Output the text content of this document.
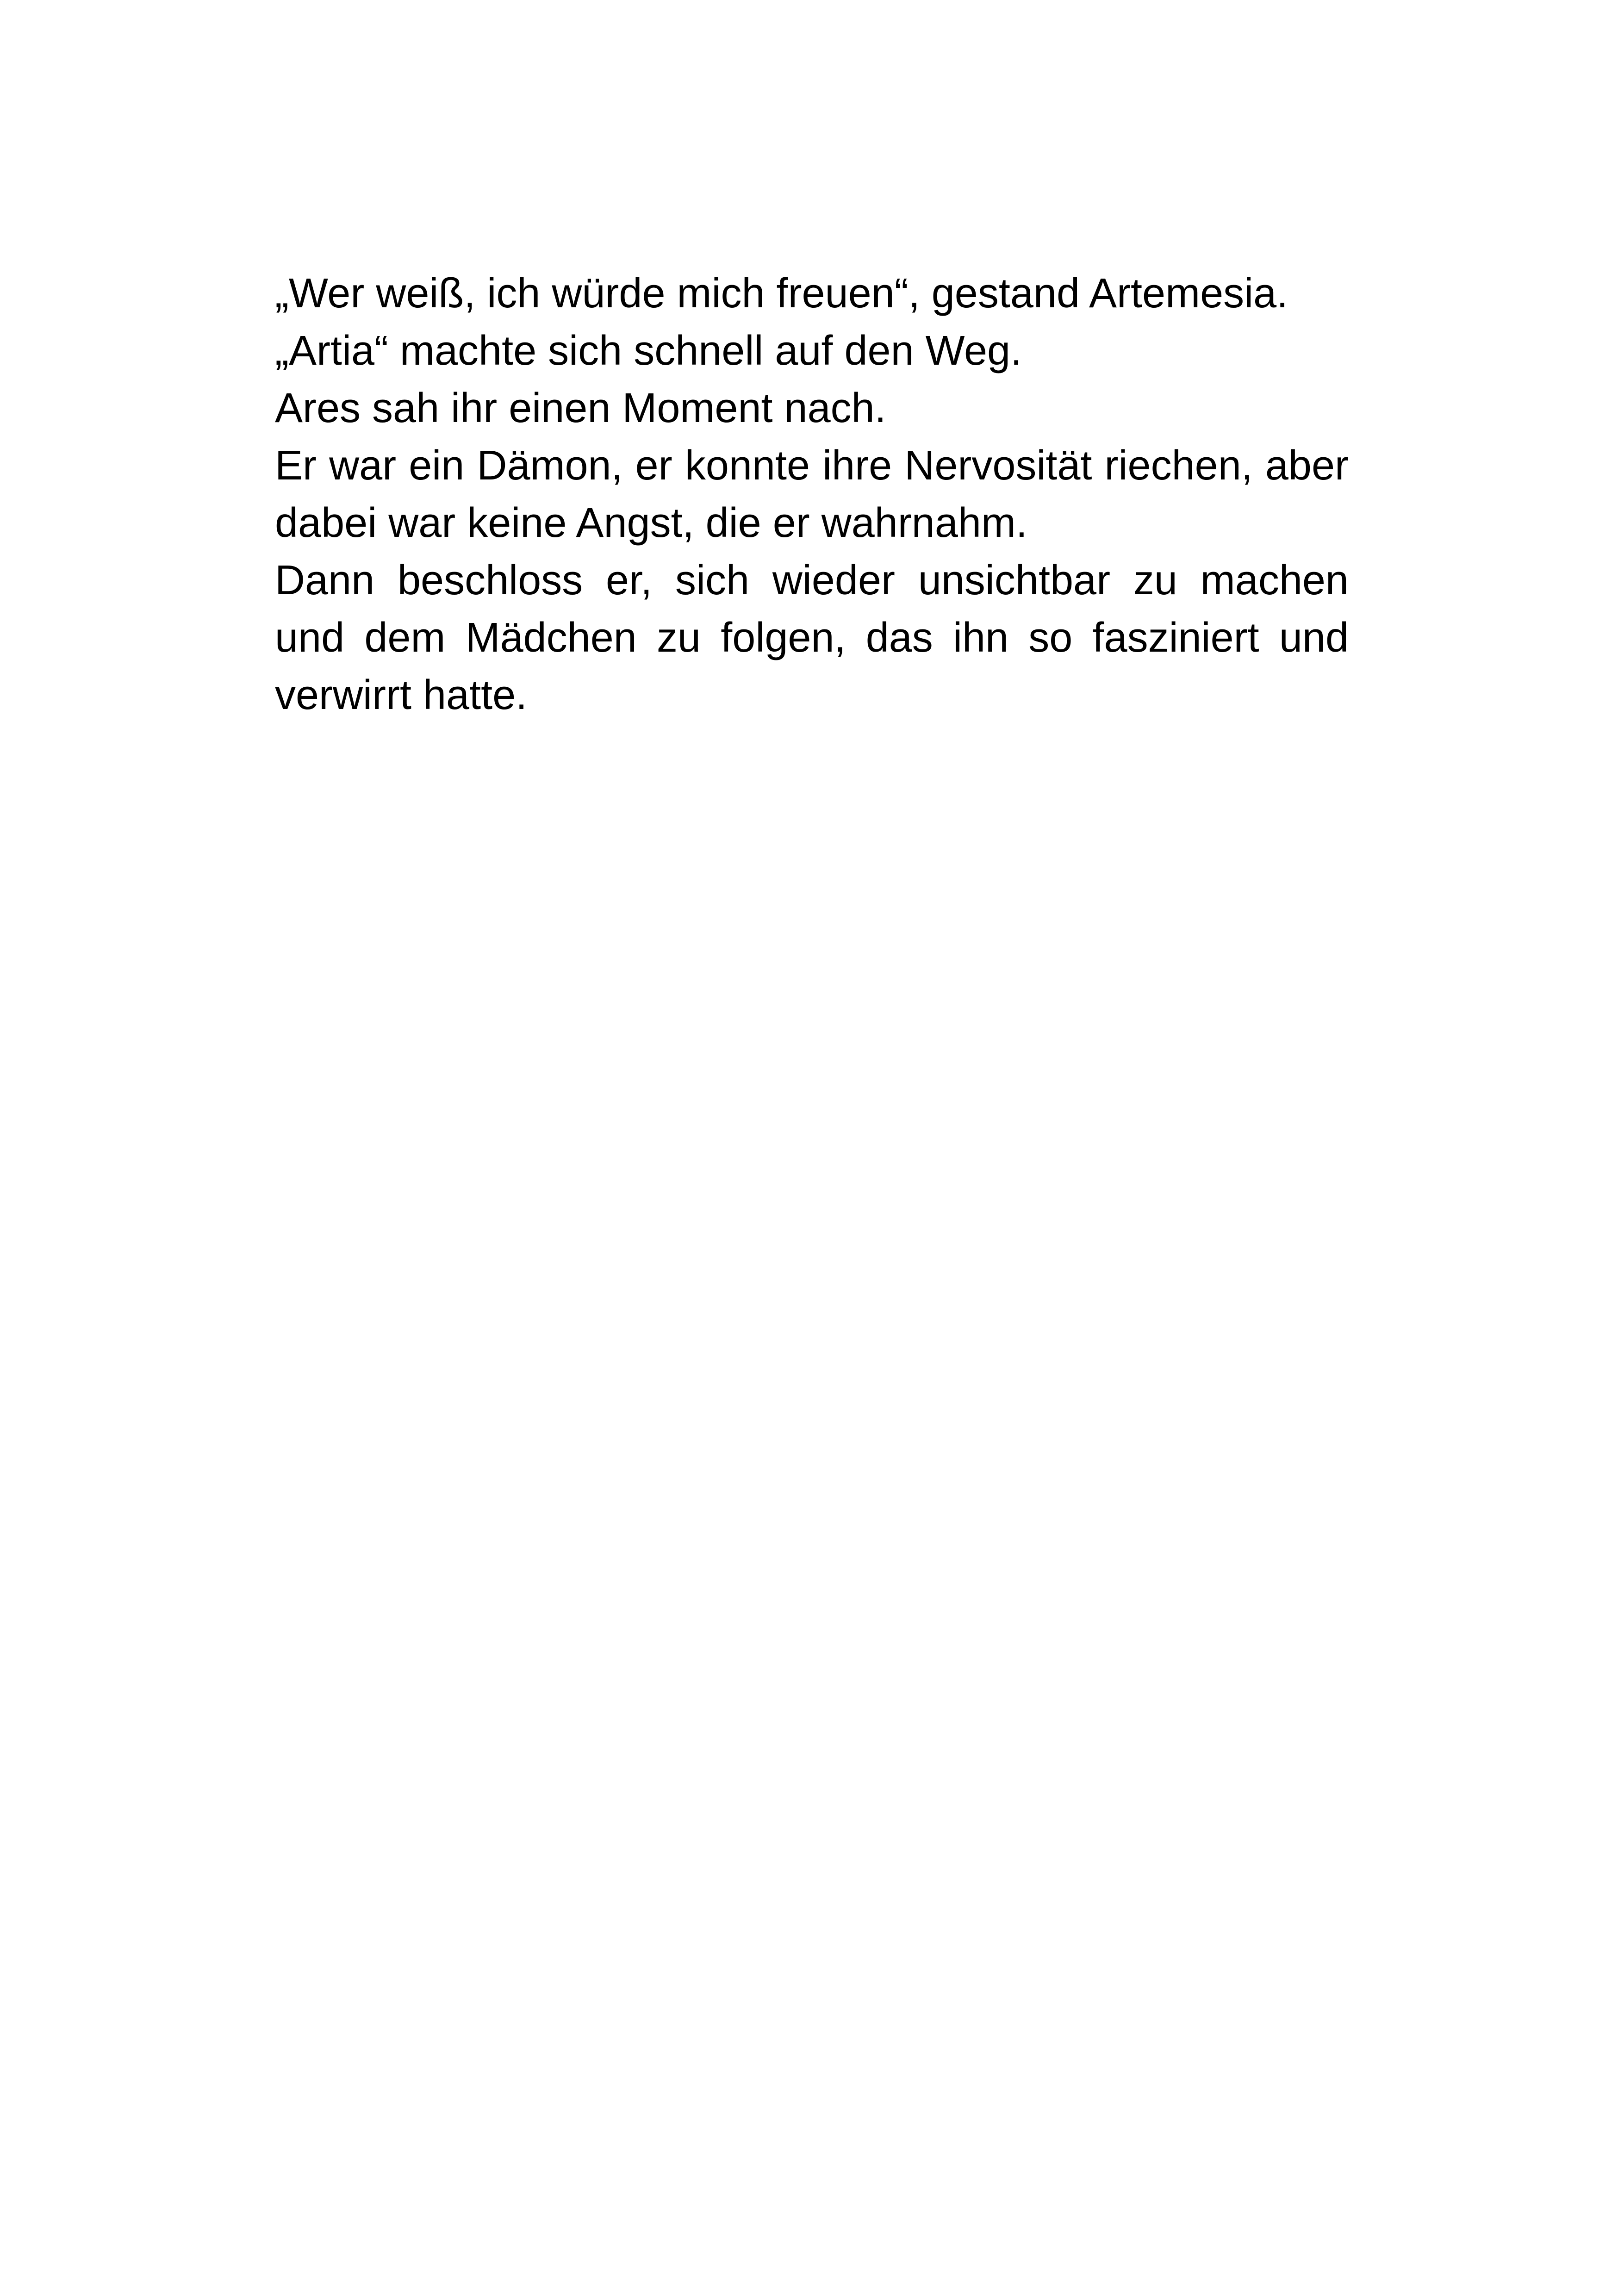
„Wer weiß, ich würde mich freuen“, gestand Artemesia.

„Artia“ machte sich schnell auf den Weg.

Ares sah ihr einen Moment nach.

Er war ein Dämon, er konnte ihre Nervosität riechen, aber dabei war keine Angst, die er wahrnahm.

Dann beschloss er, sich wieder unsichtbar zu machen und dem Mädchen zu folgen, das ihn so fasziniert und verwirrt hatte.
